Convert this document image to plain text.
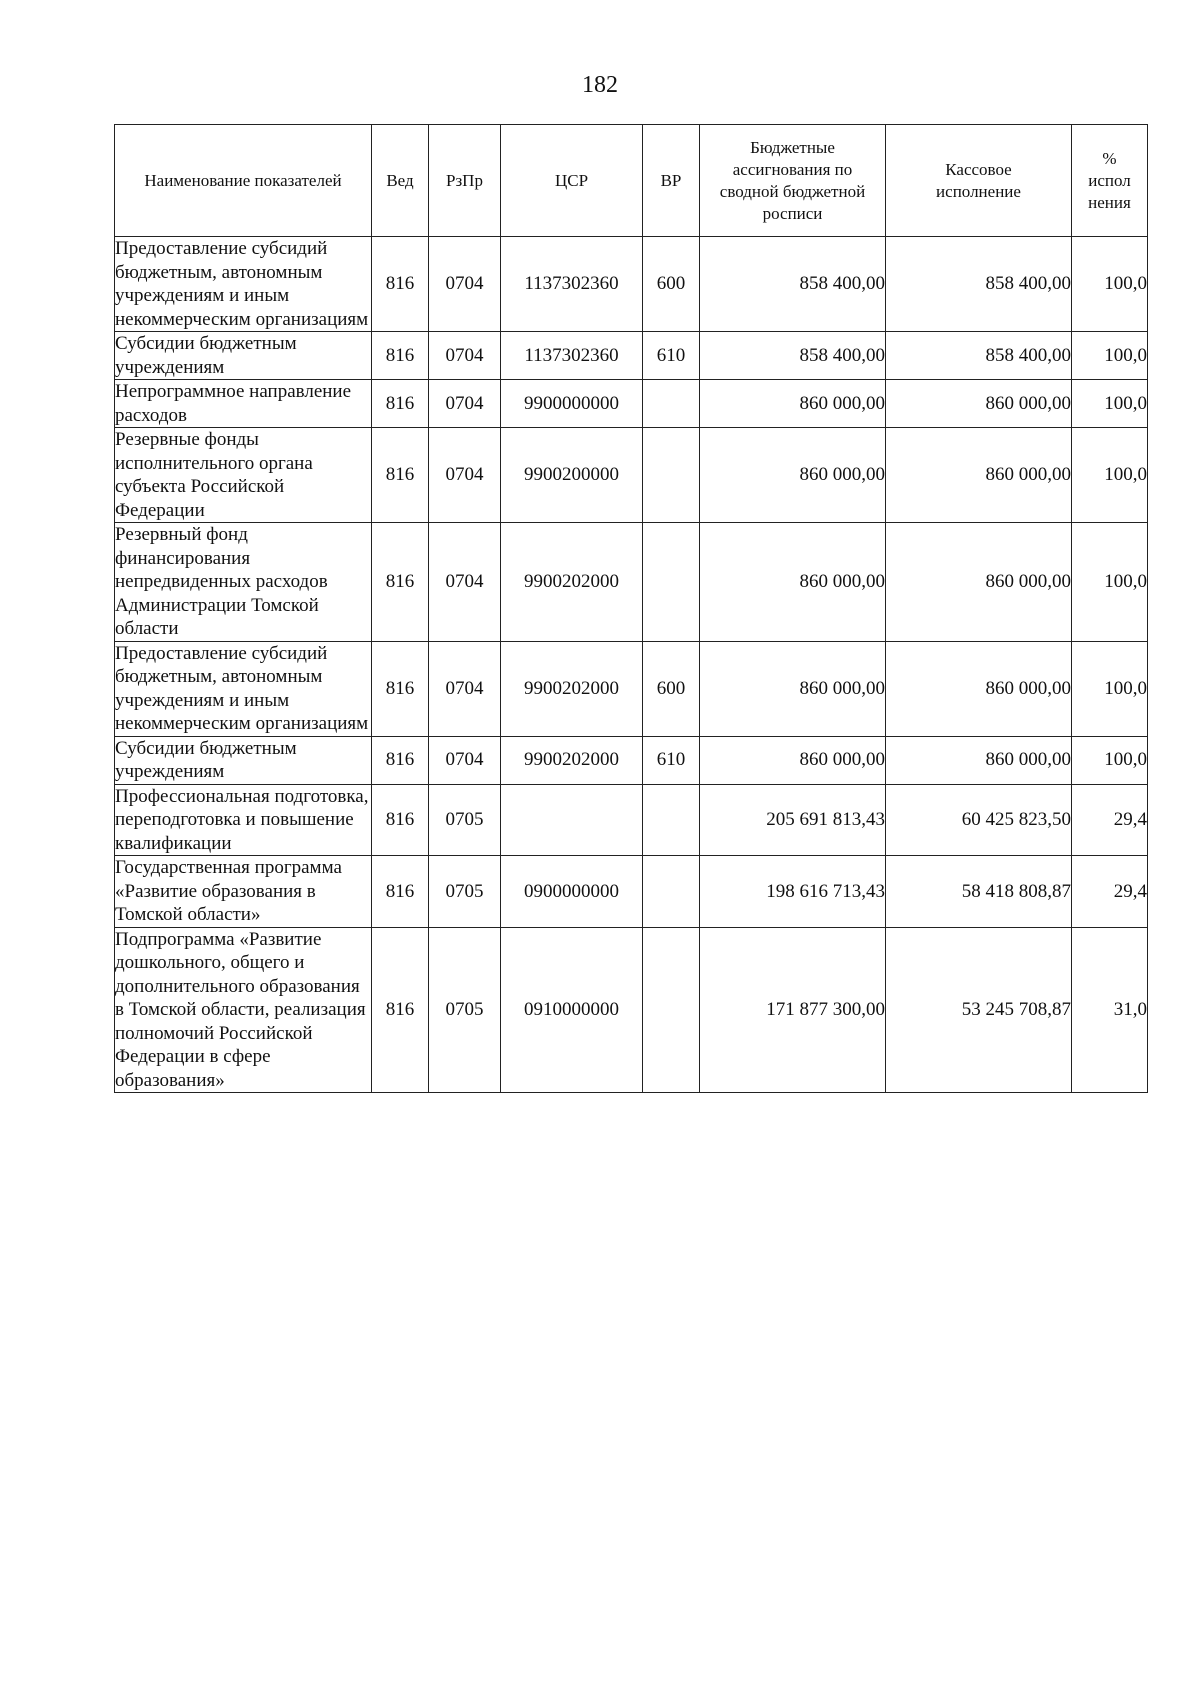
182
Наименование показателей	Вед	РзПр	ЦСР	ВР	Бюджетные ассигнования по сводной бюджетной росписи	Кассовое исполнение	% испол нения
Предоставление субсидий бюджетным, автономным учреждениям и иным некоммерческим организациям	816	0704	1137302360	600	858 400,00	858 400,00	100,0
Субсидии бюджетным учреждениям	816	0704	1137302360	610	858 400,00	858 400,00	100,0
Непрограммное направление расходов	816	0704	9900000000		860 000,00	860 000,00	100,0
Резервные фонды исполнительного органа субъекта Российской Федерации	816	0704	9900200000		860 000,00	860 000,00	100,0
Резервный фонд финансирования непредвиденных расходов Администрации Томской области	816	0704	9900202000		860 000,00	860 000,00	100,0
Предоставление субсидий бюджетным, автономным учреждениям и иным некоммерческим организациям	816	0704	9900202000	600	860 000,00	860 000,00	100,0
Субсидии бюджетным учреждениям	816	0704	9900202000	610	860 000,00	860 000,00	100,0
Профессиональная подготовка, переподготовка и повышение квалификации	816	0705			205 691 813,43	60 425 823,50	29,4
Государственная программа «Развитие образования в Томской области»	816	0705	0900000000		198 616 713,43	58 418 808,87	29,4
Подпрограмма «Развитие дошкольного, общего и дополнительного образования в Томской области, реализация полномочий Российской Федерации в сфере образования»	816	0705	0910000000		171 877 300,00	53 245 708,87	31,0
